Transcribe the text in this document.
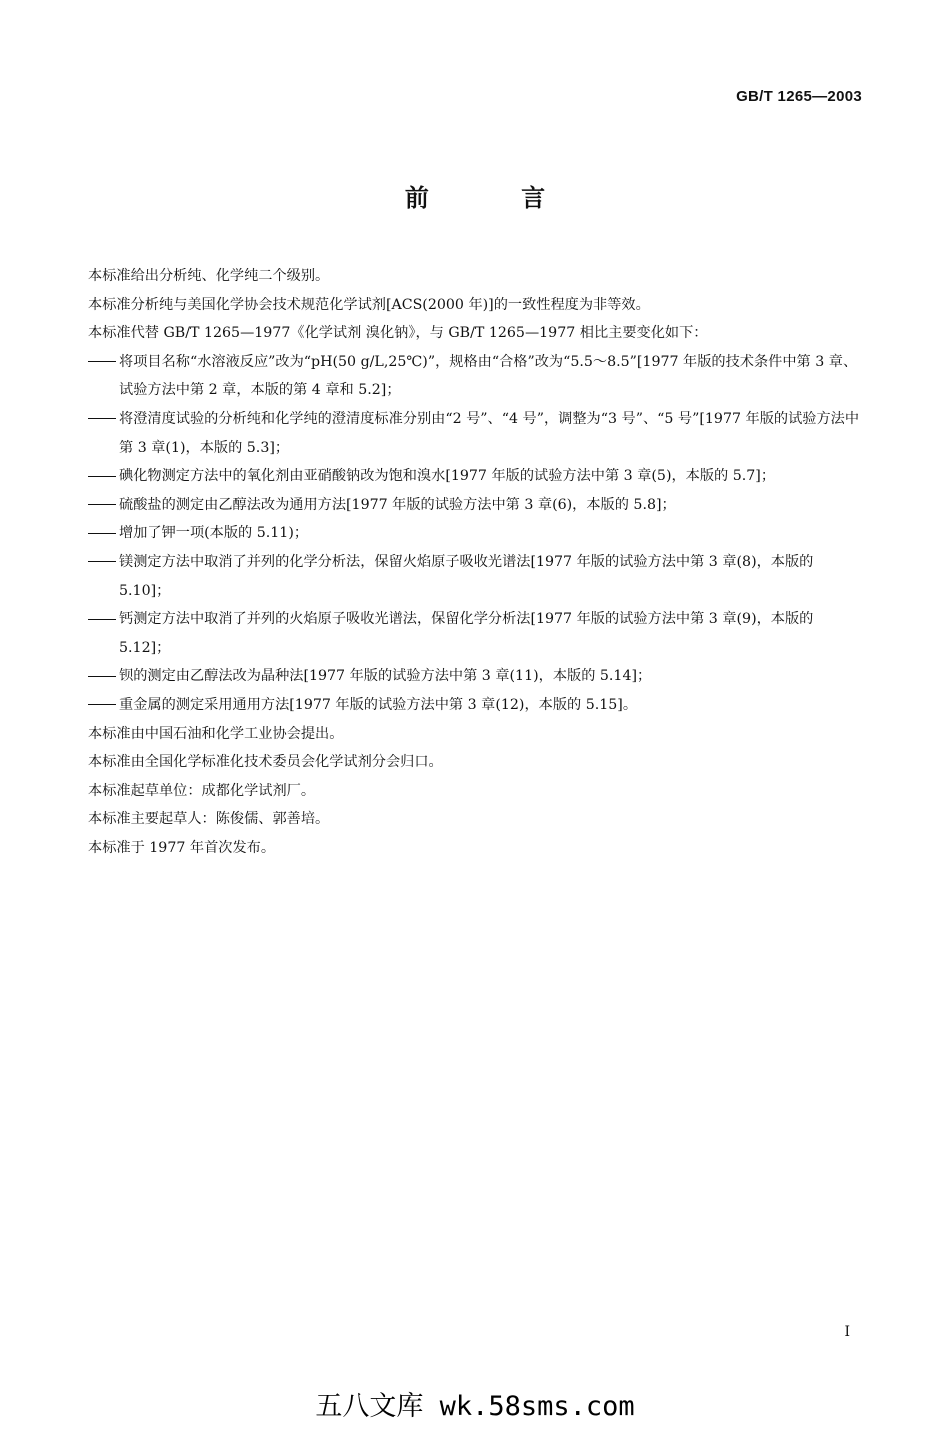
GB/T 1265—2003
前 言

本标准给出分析纯、化学纯二个级别。

本标准分析纯与美国化学协会技术规范化学试剂[ACS(2000 年)]的一致性程度为非等效。

本标准代替 GB/T 1265—1977《化学试剂 溴化钠》，与 GB/T 1265—1977 相比主要变化如下：

将项目名称“水溶液反应”改为“pH(50 g/L,25℃)”，规格由“合格”改为“5.5～8.5”[1977 年版的技术条件中第 3 章、试验方法中第 2 章，本版的第 4 章和 5.2]；

将澄清度试验的分析纯和化学纯的澄清度标准分别由“2 号”、“4 号”，调整为“3 号”、“5 号”[1977 年版的试验方法中第 3 章(1)，本版的 5.3]；

碘化物测定方法中的氧化剂由亚硝酸钠改为饱和溴水[1977 年版的试验方法中第 3 章(5)，本版的 5.7]；

硫酸盐的测定由乙醇法改为通用方法[1977 年版的试验方法中第 3 章(6)，本版的 5.8]；

增加了钾一项(本版的 5.11)；

镁测定方法中取消了并列的化学分析法，保留火焰原子吸收光谱法[1977 年版的试验方法中第 3 章(8)，本版的 5.10]；

钙测定方法中取消了并列的火焰原子吸收光谱法，保留化学分析法[1977 年版的试验方法中第 3 章(9)，本版的 5.12]；

钡的测定由乙醇法改为晶种法[1977 年版的试验方法中第 3 章(11)，本版的 5.14]；

重金属的测定采用通用方法[1977 年版的试验方法中第 3 章(12)，本版的 5.15]。

本标准由中国石油和化学工业协会提出。

本标准由全国化学标准化技术委员会化学试剂分会归口。

本标准起草单位：成都化学试剂厂。

本标准主要起草人：陈俊儒、郭善培。

本标准于 1977 年首次发布。

I
五八文库 wk.58sms.com
